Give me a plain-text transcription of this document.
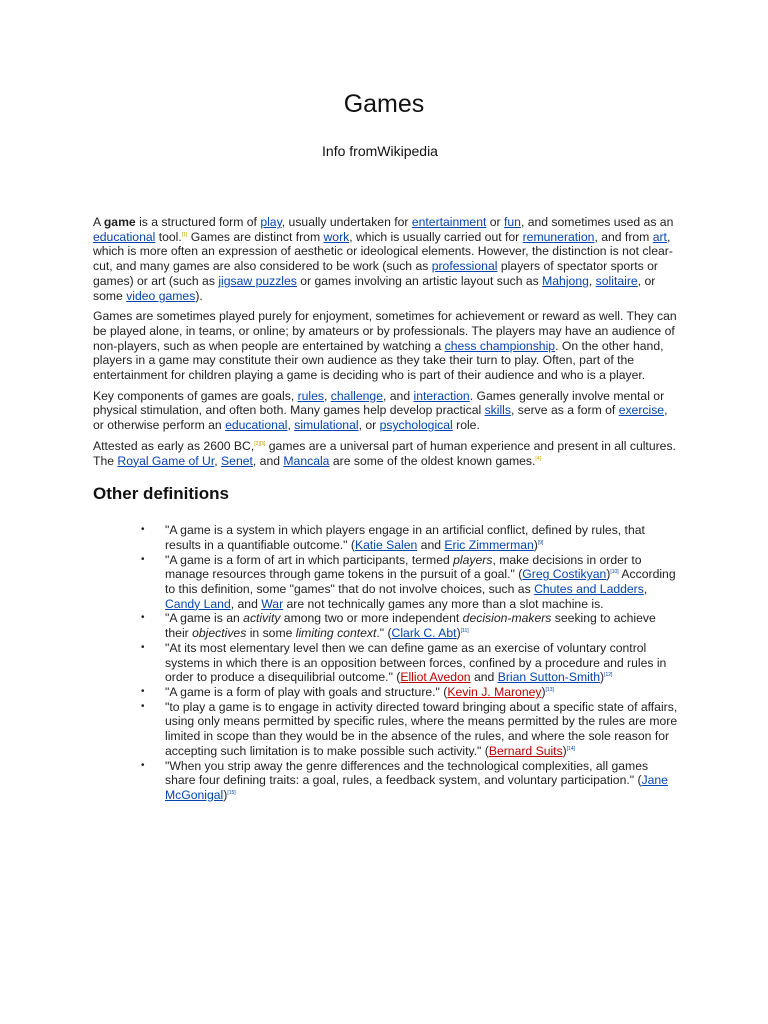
Games
Info fromWikipedia

A game is a structured form of play, usually undertaken for entertainment or fun, and sometimes used as an educational tool.[1] Games are distinct from work, which is usually carried out for remuneration, and from art, which is more often an expression of aesthetic or ideological elements. However, the distinction is not clear-cut, and many games are also considered to be work (such as professional players of spectator sports or games) or art (such as jigsaw puzzles or games involving an artistic layout such as Mahjong, solitaire, or some video games).

Games are sometimes played purely for enjoyment, sometimes for achievement or reward as well. They can be played alone, in teams, or online; by amateurs or by professionals. The players may have an audience of non-players, such as when people are entertained by watching a chess championship. On the other hand, players in a game may constitute their own audience as they take their turn to play. Often, part of the entertainment for children playing a game is deciding who is part of their audience and who is a player.

Key components of games are goals, rules, challenge, and interaction. Games generally involve mental or physical stimulation, and often both. Many games help develop practical skills, serve as a form of exercise, or otherwise perform an educational, simulational, or psychological role.

Attested as early as 2600 BC,[2][3] games are a universal part of human experience and present in all cultures. The Royal Game of Ur, Senet, and Mancala are some of the oldest known games.[4]

Other definitions
• "A game is a system in which players engage in an artificial conflict, defined by rules, that results in a quantifiable outcome." (Katie Salen and Eric Zimmerman)[9]
• "A game is a form of art in which participants, termed players, make decisions in order to manage resources through game tokens in the pursuit of a goal." (Greg Costikyan)[10] According to this definition, some "games" that do not involve choices, such as Chutes and Ladders, Candy Land, and War are not technically games any more than a slot machine is.
• "A game is an activity among two or more independent decision-makers seeking to achieve their objectives in some limiting context." (Clark C. Abt)[11]
• "At its most elementary level then we can define game as an exercise of voluntary control systems in which there is an opposition between forces, confined by a procedure and rules in order to produce a disequilibrial outcome." (Elliot Avedon and Brian Sutton-Smith)[12]
• "A game is a form of play with goals and structure." (Kevin J. Maroney)[13]
• "to play a game is to engage in activity directed toward bringing about a specific state of affairs, using only means permitted by specific rules, where the means permitted by the rules are more limited in scope than they would be in the absence of the rules, and where the sole reason for accepting such limitation is to make possible such activity." (Bernard Suits)[14]
• "When you strip away the genre differences and the technological complexities, all games share four defining traits: a goal, rules, a feedback system, and voluntary participation." (Jane McGonigal)[15]
